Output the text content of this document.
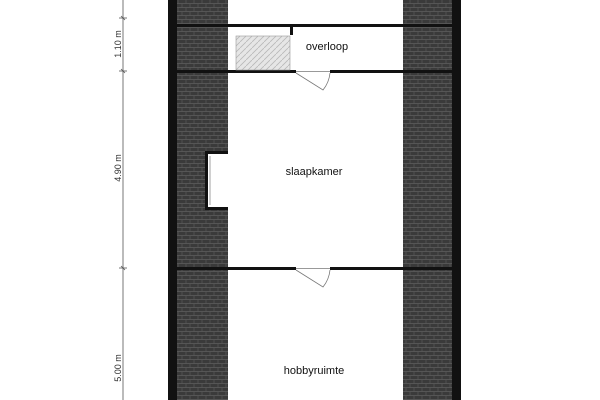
1.10 m
4.90 m
5.00 m
overloop
slaapkamer
hobbyruimte
